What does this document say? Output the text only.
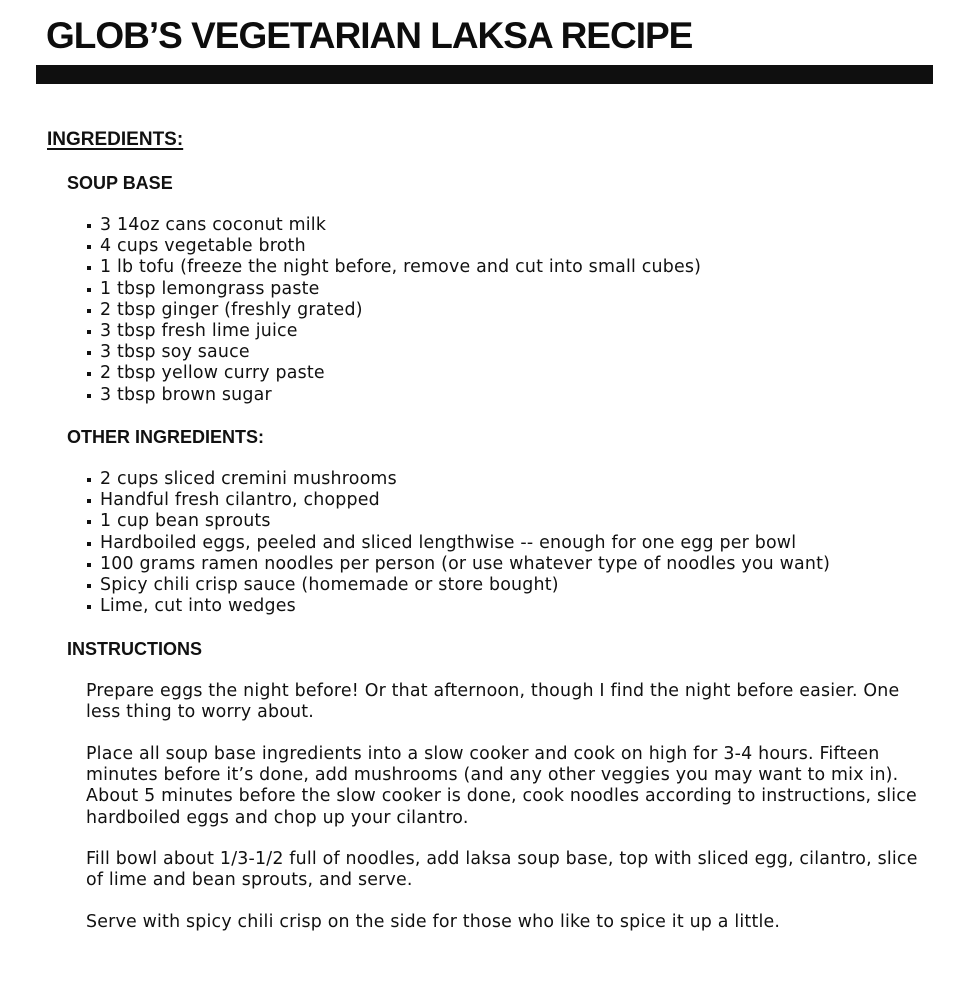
GLOB’S VEGETARIAN LAKSA RECIPE
INGREDIENTS:
SOUP BASE
3 14oz cans coconut milk
4 cups vegetable broth
1 lb tofu (freeze the night before, remove and cut into small cubes)
1 tbsp lemongrass paste
2 tbsp ginger (freshly grated)
3 tbsp fresh lime juice
3 tbsp soy sauce
2 tbsp yellow curry paste
3 tbsp brown sugar
OTHER INGREDIENTS:
2 cups sliced cremini mushrooms
Handful fresh cilantro, chopped
1 cup bean sprouts
Hardboiled eggs, peeled and sliced lengthwise -- enough for one egg per bowl
100 grams ramen noodles per person (or use whatever type of noodles you want)
Spicy chili crisp sauce (homemade or store bought)
Lime, cut into wedges
INSTRUCTIONS

Prepare eggs the night before! Or that afternoon, though I find the night before easier. One less thing to worry about.

Place all soup base ingredients into a slow cooker and cook on high for 3-4 hours. Fifteen minutes before it’s done, add mushrooms (and any other veggies you may want to mix in). About 5 minutes before the slow cooker is done, cook noodles according to instructions, slice hardboiled eggs and chop up your cilantro.

Fill bowl about 1/3-1/2 full of noodles, add laksa soup base, top with sliced egg, cilantro, slice of lime and bean sprouts, and serve.

Serve with spicy chili crisp on the side for those who like to spice it up a little.
